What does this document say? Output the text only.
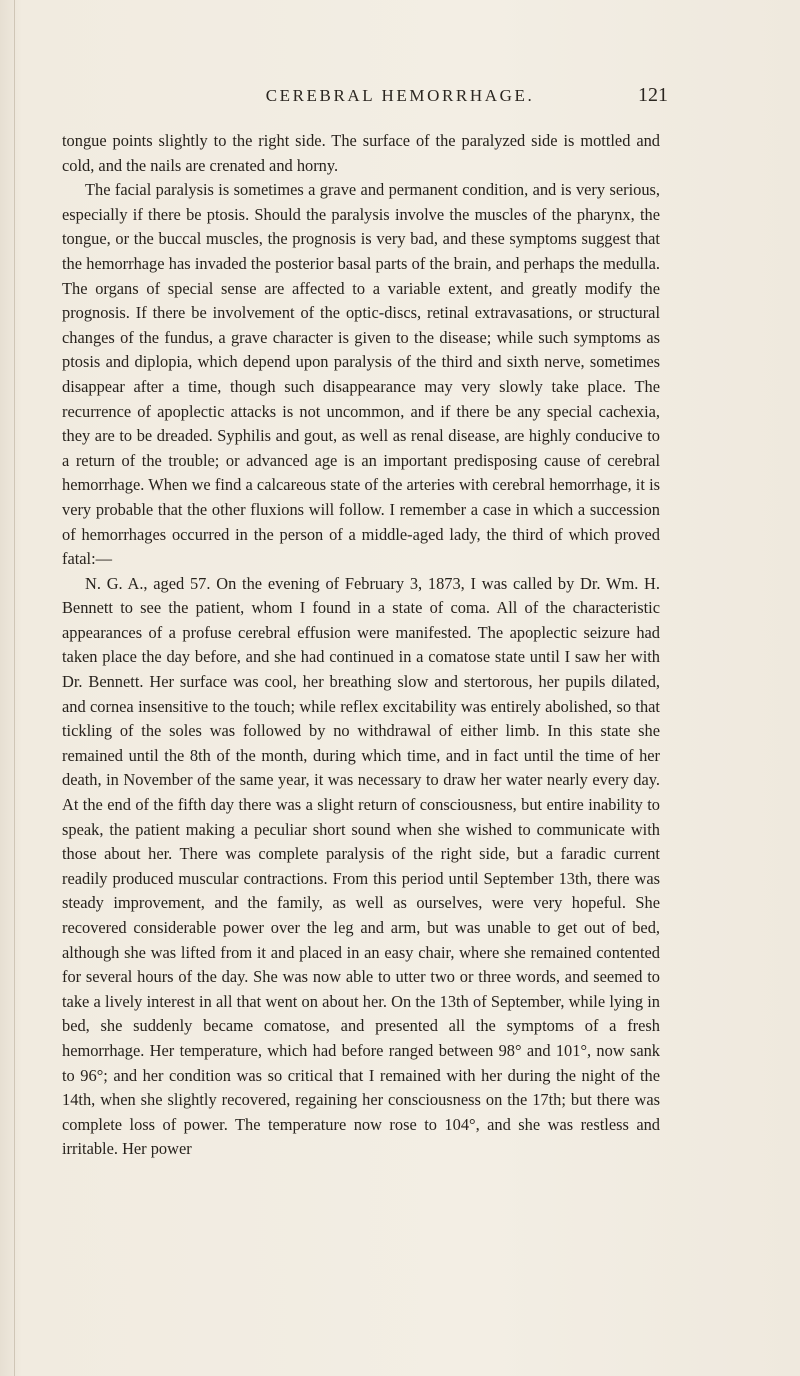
CEREBRAL HEMORRHAGE.	121

tongue points slightly to the right side. The surface of the paralyzed side is mottled and cold, and the nails are crenated and horny.

The facial paralysis is sometimes a grave and permanent condition, and is very serious, especially if there be ptosis. Should the paralysis involve the muscles of the pharynx, the tongue, or the buccal muscles, the prognosis is very bad, and these symptoms suggest that the hemorrhage has invaded the posterior basal parts of the brain, and perhaps the medulla. The organs of special sense are affected to a variable extent, and greatly modify the prognosis. If there be involvement of the optic-discs, retinal extravasations, or structural changes of the fundus, a grave character is given to the disease; while such symptoms as ptosis and diplopia, which depend upon paralysis of the third and sixth nerve, sometimes disappear after a time, though such disappearance may very slowly take place. The recurrence of apoplectic attacks is not uncommon, and if there be any special cachexia, they are to be dreaded. Syphilis and gout, as well as renal disease, are highly conducive to a return of the trouble; or advanced age is an important predisposing cause of cerebral hemorrhage. When we find a calcareous state of the arteries with cerebral hemorrhage, it is very probable that the other fluxions will follow. I remember a case in which a succession of hemorrhages occurred in the person of a middle-aged lady, the third of which proved fatal:—

N. G. A., aged 57. On the evening of February 3, 1873, I was called by Dr. Wm. H. Bennett to see the patient, whom I found in a state of coma. All of the characteristic appearances of a profuse cerebral effusion were manifested. The apoplectic seizure had taken place the day before, and she had continued in a comatose state until I saw her with Dr. Bennett. Her surface was cool, her breathing slow and stertorous, her pupils dilated, and cornea insensitive to the touch; while reflex excitability was entirely abolished, so that tickling of the soles was followed by no withdrawal of either limb. In this state she remained until the 8th of the month, during which time, and in fact until the time of her death, in November of the same year, it was necessary to draw her water nearly every day. At the end of the fifth day there was a slight return of consciousness, but entire inability to speak, the patient making a peculiar short sound when she wished to communicate with those about her. There was complete paralysis of the right side, but a faradic current readily produced muscular contractions. From this period until September 13th, there was steady improvement, and the family, as well as ourselves, were very hopeful. She recovered considerable power over the leg and arm, but was unable to get out of bed, although she was lifted from it and placed in an easy chair, where she remained contented for several hours of the day. She was now able to utter two or three words, and seemed to take a lively interest in all that went on about her. On the 13th of September, while lying in bed, she suddenly became comatose, and presented all the symptoms of a fresh hemorrhage. Her temperature, which had before ranged between 98° and 101°, now sank to 96°; and her condition was so critical that I remained with her during the night of the 14th, when she slightly recovered, regaining her consciousness on the 17th; but there was complete loss of power. The temperature now rose to 104°, and she was restless and irritable. Her power
